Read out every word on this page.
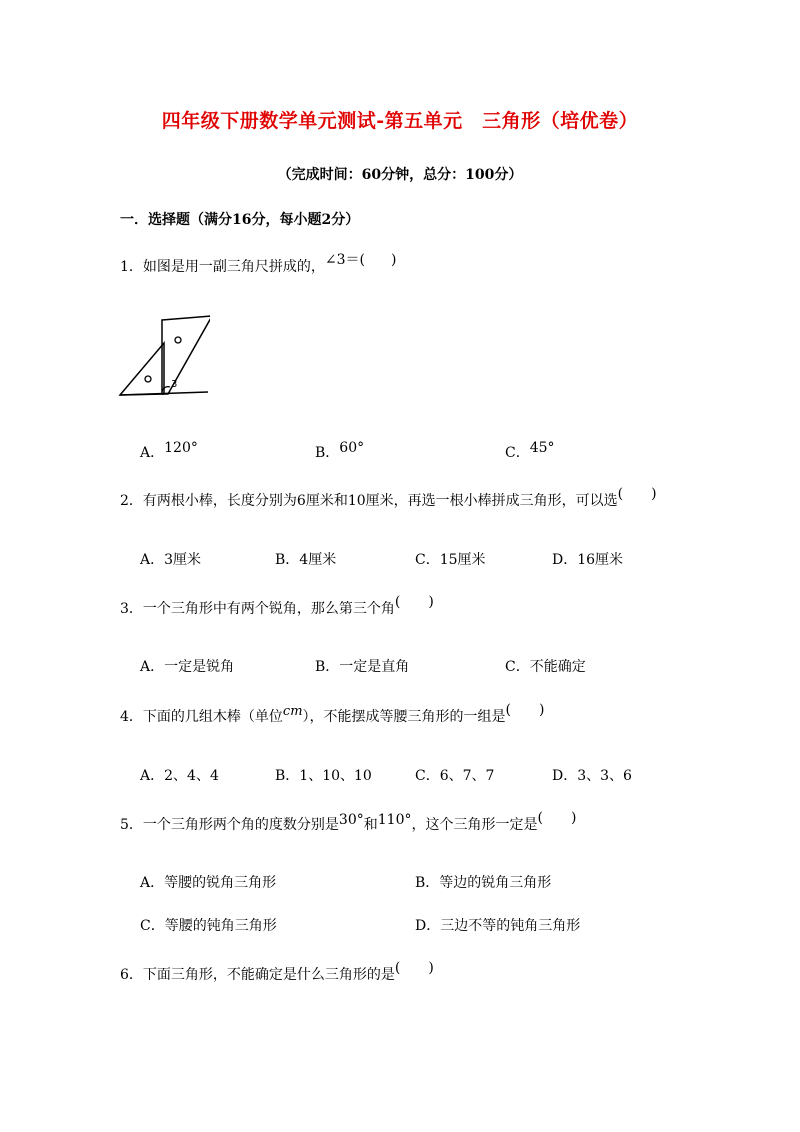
四年级下册数学单元测试-第五单元　三角形（培优卷）
（完成时间：60分钟，总分：100分）
一．选择题（满分16分，每小题2分）
1．如图是用一副三角尺拼成的，∠3＝( )
3
A．120°	B．60°	C．45°
2．有两根小棒，长度分别为6厘米和10厘米，再选一根小棒拼成三角形，可以选(　　)
A．3厘米	B．4厘米	C．15厘米	D．16厘米
3．一个三角形中有两个锐角，那么第三个角(　　)
A．一定是锐角	B．一定是直角	C．不能确定
4．下面的几组木棒（单位cm），不能摆成等腰三角形的一组是(　　)
A．2、4、4	B．1、10、10	C．6、7、7	D．3、3、6
5．一个三角形两个角的度数分别是30°和110°，这个三角形一定是(　　)
A．等腰的锐角三角形	B．等边的锐角三角形
C．等腰的钝角三角形	D．三边不等的钝角三角形
6．下面三角形，不能确定是什么三角形的是(　　)
